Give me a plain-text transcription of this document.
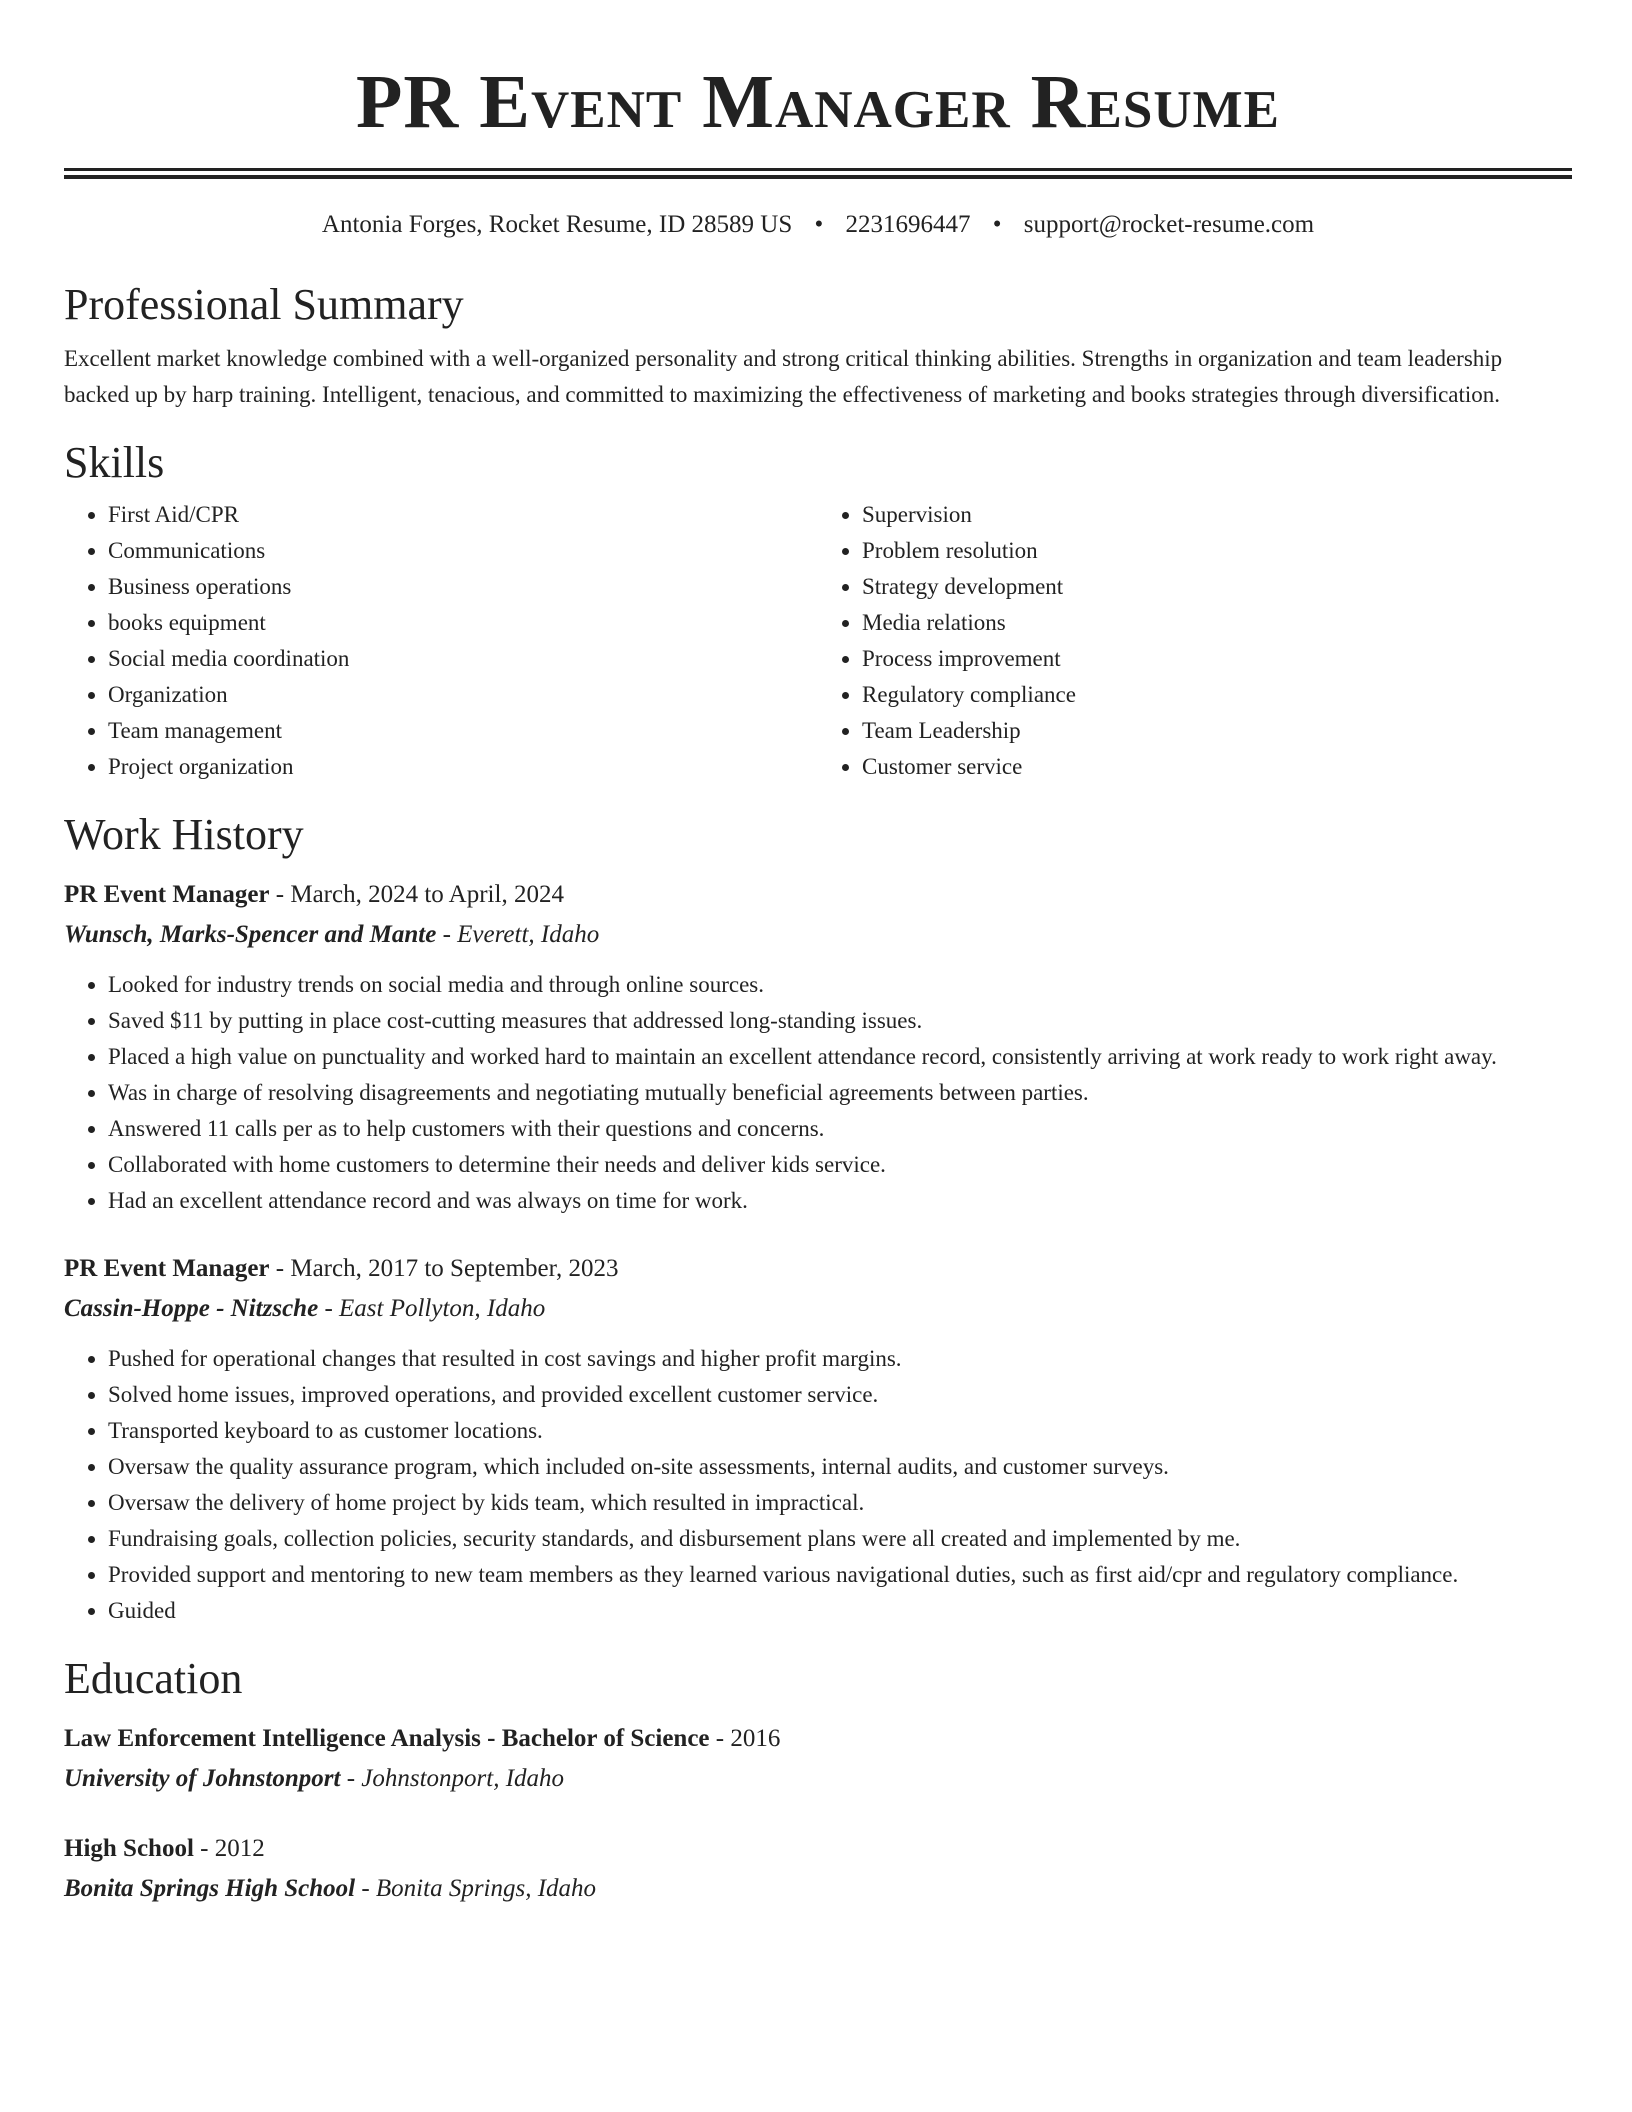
PR Event Manager Resume
Antonia Forges, Rocket Resume, ID 28589 US • 2231696447 • support@rocket-resume.com
Professional Summary

Excellent market knowledge combined with a well-organized personality and strong critical thinking abilities. Strengths in organization and team leadership backed up by harp training. Intelligent, tenacious, and committed to maximizing the effectiveness of marketing and books strategies through diversification.

Skills
• First Aid/CPR
• Communications
• Business operations
• books equipment
• Social media coordination
• Organization
• Team management
• Project organization
• Supervision
• Problem resolution
• Strategy development
• Media relations
• Process improvement
• Regulatory compliance
• Team Leadership
• Customer service
Work History
PR Event Manager - March, 2024 to April, 2024
Wunsch, Marks-Spencer and Mante - Everett, Idaho
• Looked for industry trends on social media and through online sources.
• Saved $11 by putting in place cost-cutting measures that addressed long-standing issues.
• Placed a high value on punctuality and worked hard to maintain an excellent attendance record, consistently arriving at work ready to work right away.
• Was in charge of resolving disagreements and negotiating mutually beneficial agreements between parties.
• Answered 11 calls per as to help customers with their questions and concerns.
• Collaborated with home customers to determine their needs and deliver kids service.
• Had an excellent attendance record and was always on time for work.
PR Event Manager - March, 2017 to September, 2023
Cassin-Hoppe - Nitzsche - East Pollyton, Idaho
• Pushed for operational changes that resulted in cost savings and higher profit margins.
• Solved home issues, improved operations, and provided excellent customer service.
• Transported keyboard to as customer locations.
• Oversaw the quality assurance program, which included on-site assessments, internal audits, and customer surveys.
• Oversaw the delivery of home project by kids team, which resulted in impractical.
• Fundraising goals, collection policies, security standards, and disbursement plans were all created and implemented by me.
• Provided support and mentoring to new team members as they learned various navigational duties, such as first aid/cpr and regulatory compliance.
• Guided
Education
Law Enforcement Intelligence Analysis - Bachelor of Science - 2016
University of Johnstonport - Johnstonport, Idaho
High School - 2012
Bonita Springs High School - Bonita Springs, Idaho
